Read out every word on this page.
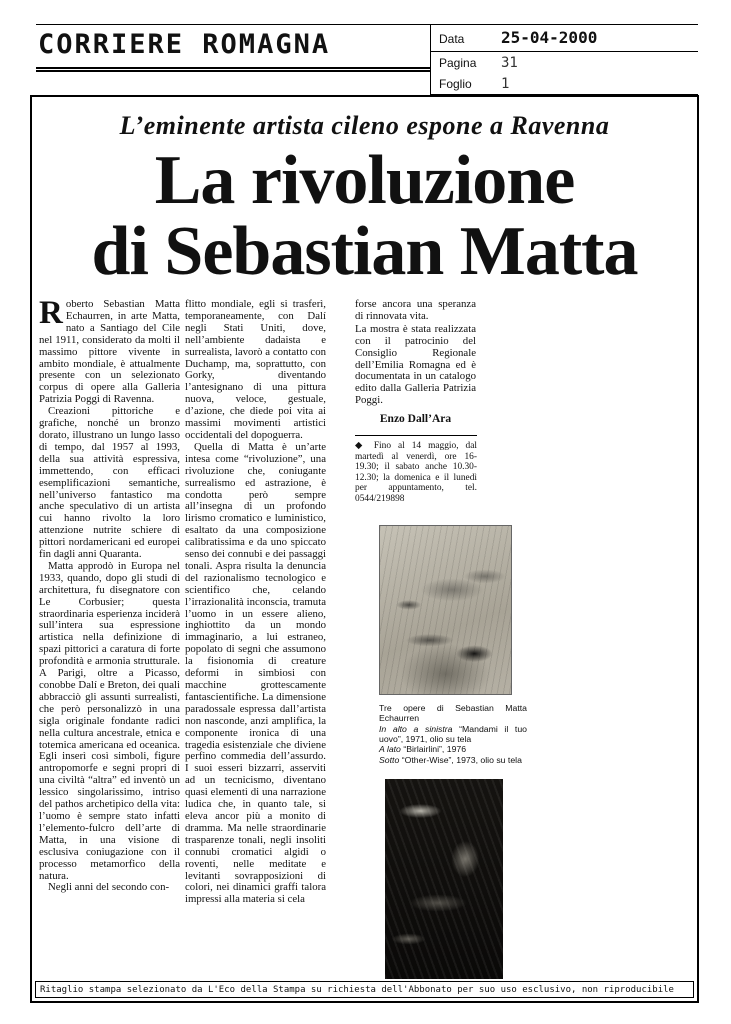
CORRIERE ROMAGNA	Data	25-04-2000
Pagina	31
Foglio	1
L’eminente artista cileno espone a Ravenna
La rivoluzione
di Sebastian Matta

Roberto Sebastian Matta Echaurren, in arte Matta, nato a Santiago del Cile nel 1911, considerato da molti il massimo pittore vivente in ambito mondiale, è attualmente presente con un selezionato corpus di opere alla Galleria Patrizia Poggi di Ravenna.

Creazioni pittoriche e grafiche, nonché un bronzo dorato, illustrano un lungo lasso di tempo, dal 1957 al 1993, della sua attività espressiva, immettendo, con efficaci esemplificazioni semantiche, nell’universo fantastico ma anche speculativo di un artista cui hanno rivolto la loro attenzione nutrite schiere di pittori nordamericani ed europei fin dagli anni Quaranta.

Matta approdò in Europa nel 1933, quando, dopo gli studi di architettura, fu disegnatore con Le Corbusier; questa straordinaria esperienza inciderà sull’intera sua espressione artistica nella definizione di spazi pittorici a caratura di forte profondità e armonia strutturale. A Parigi, oltre a Picasso, conobbe Dalí e Breton, dei quali abbracciò gli assunti surrealisti, che però personalizzò in una sigla originale fondante radici nella cultura ancestrale, etnica e totemica americana ed oceanica. Egli inserì così simboli, figure antropomorfe e segni propri di una civiltà “altra” ed inventò un lessico singolarissimo, intriso del pathos archetipico della vita: l’uomo è sempre stato infatti l’elemento-fulcro dell’arte di Matta, in una visione di esclusiva coniugazione con il processo metamorfico della natura.

Negli anni del secondo con-

flitto mondiale, egli si trasferì, temporaneamente, con Dalí negli Stati Uniti, dove, nell’ambiente dadaista e surrealista, lavorò a contatto con Duchamp, ma, soprattutto, con Gorky, diventando l’antesignano di una pittura nuova, veloce, gestuale, d’azione, che diede poi vita ai massimi movimenti artistici occidentali del dopoguerra.

Quella di Matta è un’arte intesa come “rivoluzione”, una rivoluzione che, coniugante surrealismo ed astrazione, è condotta però sempre all’insegna di un profondo lirismo cromatico e luministico, esaltato da una composizione calibratissima e da uno spiccato senso dei connubi e dei passaggi tonali. Aspra risulta la denuncia del razionalismo tecnologico e scientifico che, celando l’irrazionalità inconscia, tramuta l’uomo in un essere alieno, inghiottito da un mondo immaginario, a lui estraneo, popolato di segni che assumono la fisionomia di creature deformi in simbiosi con macchine grottescamente fantascientifiche. La dimensione paradossale espressa dall’artista non nasconde, anzi amplifica, la componente ironica di una tragedia esistenziale che diviene perfino commedia dell’assurdo. I suoi esseri bizzarri, asserviti ad un tecnicismo, diventano quasi elementi di una narrazione ludica che, in quanto tale, si eleva ancor più a monito di dramma. Ma nelle straordinarie trasparenze tonali, negli insoliti connubi cromatici algidi o roventi, nelle meditate e levitanti sovrapposizioni di colori, nei dinamici graffi talora impressi alla materia si cela

forse ancora una speranza di rinnovata vita.

La mostra è stata realizzata con il patrocinio del Consiglio Regionale dell’Emilia Romagna ed è documentata in un catalogo edito dalla Galleria Patrizia Poggi.

Enzo Dall’Ara
◆ Fino al 14 maggio, dal martedì al venerdì, ore 16-19.30; il sabato anche 10.30-12.30; la domenica e il lunedì per appuntamento, tel. 0544/219898
Tre opere di Sebastian Matta Echaurren
In alto a sinistra “Mandami il tuo uovo”, 1971, olio su tela
A lato “Birlairlini”, 1976
Sotto “Other-Wise”, 1973, olio su tela
Ritaglio stampa selezionato da L'Eco della Stampa su richiesta dell'Abbonato per suo uso esclusivo, non riproducibile
